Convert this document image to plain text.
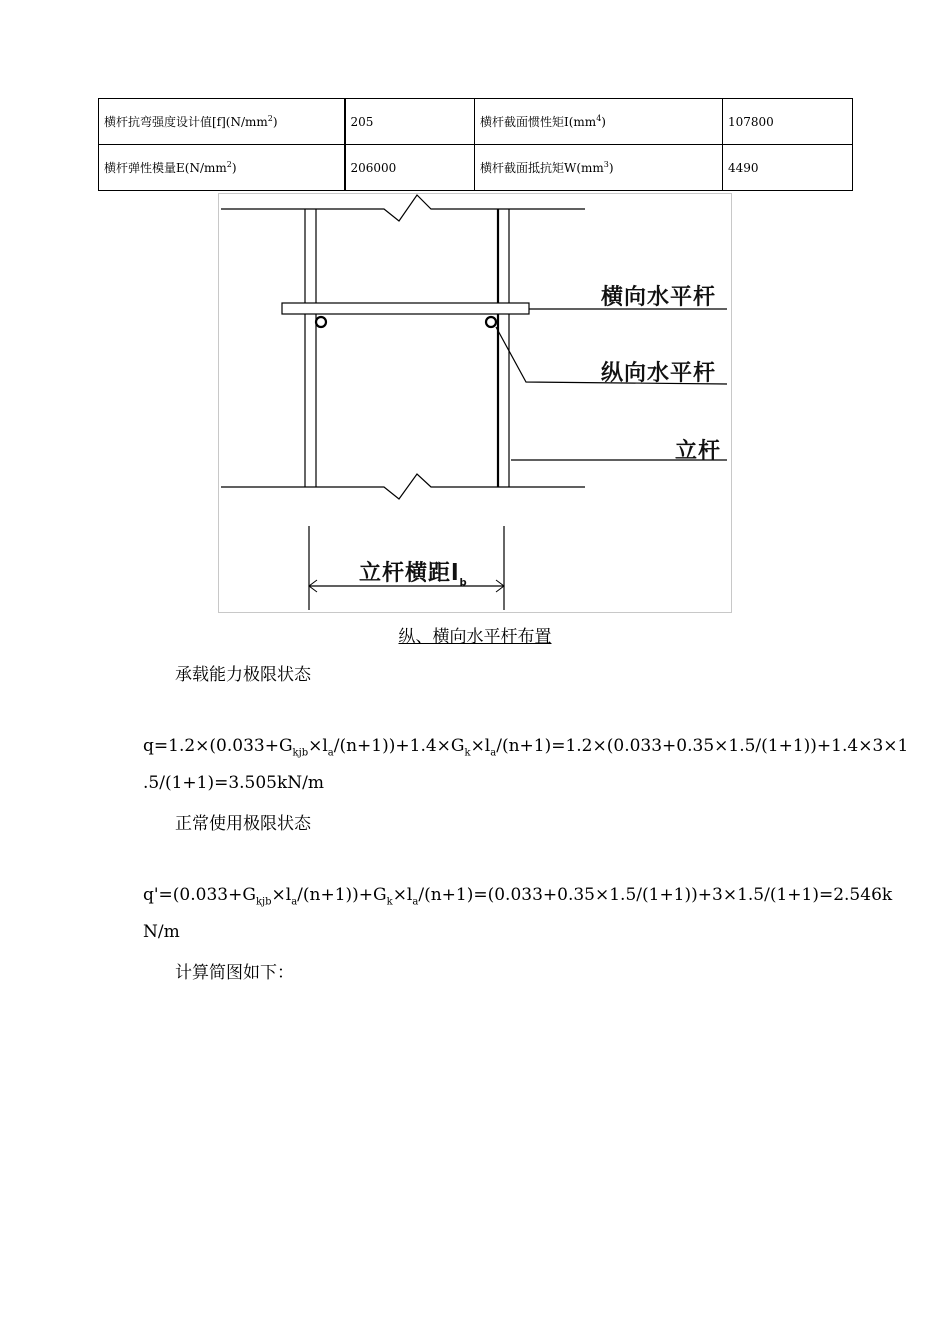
横杆抗弯强度设计值$[f](N/mm^2)$	205	横杆截面惯性矩$I(mm^4)$	107800
横杆弹性模量$E(N/mm^2)$	206000	横杆截面抵抗矩$W(mm^3)$	4490
横向水平杆
纵向水平杆
立杆
立杆横距$l_b$
纵、横向水平杆布置
承载能力极限状态
$q=1.2\times(0.033+G_{kjb}\times l_a/(n+1))+1.4\times G_k\times l_a/(n+1)=1.2\times(0.033+0.35\times 1.5/(1+1))+1.4\times 3\times 1$
.5/(1+1)=3.505kN/m
正常使用极限状态
$q'=(0.033+G_{kjb}\times l_a/(n+1))+G_k\times l_a/(n+1)=(0.033+0.35\times 1.5/(1+1))+3\times 1.5/(1+1)=2.546k$
N/m
计算简图如下：
